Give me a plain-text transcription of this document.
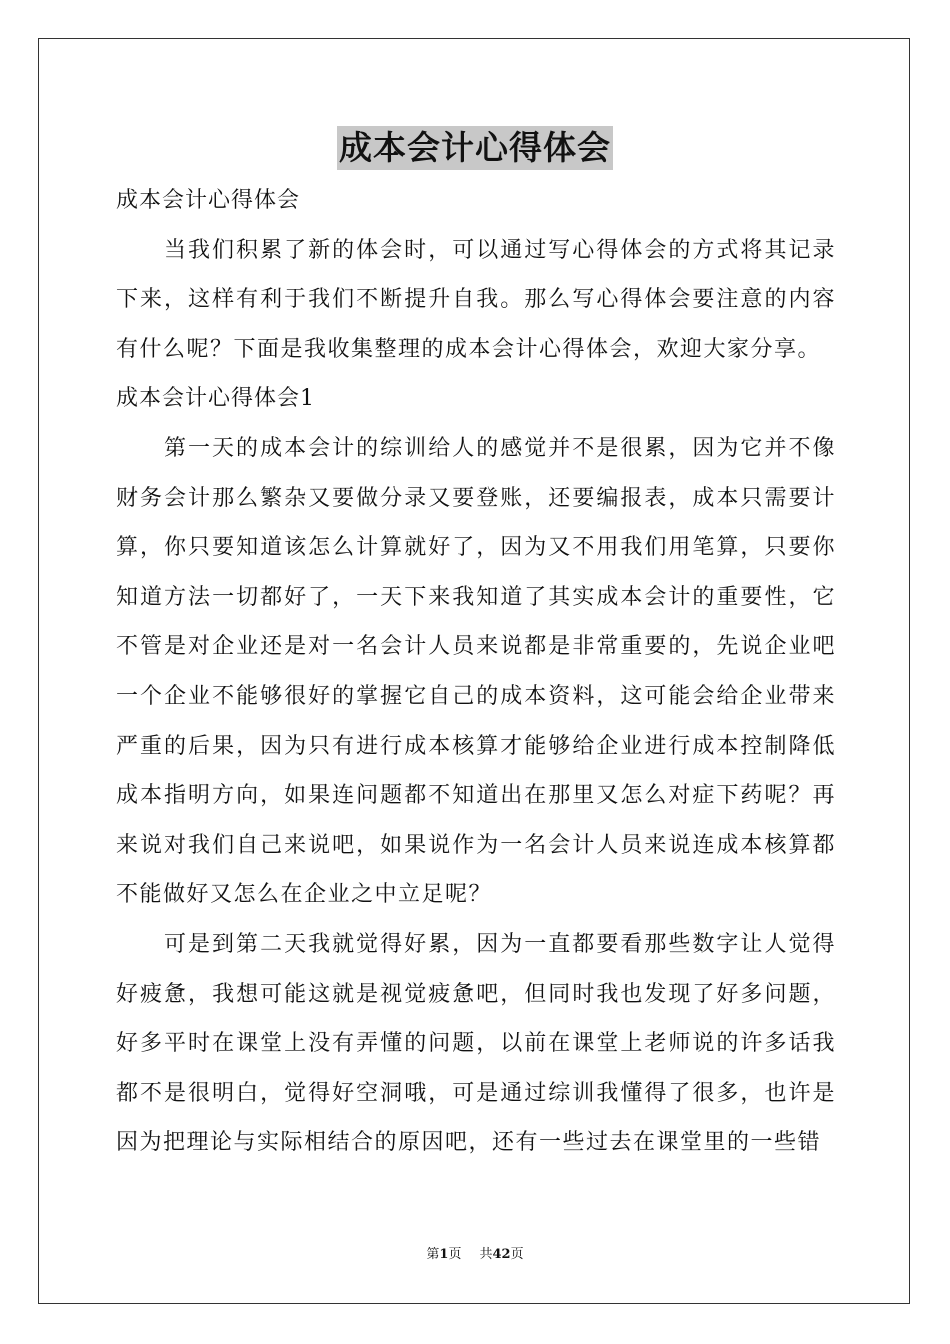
成本会计心得体会

成本会计心得体会

当我们积累了新的体会时，可以通过写心得体会的方式将其记录下来，这样有利于我们不断提升自我。那么写心得体会要注意的内容有什么呢？下面是我收集整理的成本会计心得体会，欢迎大家分享。

成本会计心得体会1

第一天的成本会计的综训给人的感觉并不是很累，因为它并不像财务会计那么繁杂又要做分录又要登账，还要编报表，成本只需要计算，你只要知道该怎么计算就好了，因为又不用我们用笔算，只要你知道方法一切都好了，一天下来我知道了其实成本会计的重要性，它不管是对企业还是对一名会计人员来说都是非常重要的，先说企业吧一个企业不能够很好的掌握它自己的成本资料，这可能会给企业带来严重的后果，因为只有进行成本核算才能够给企业进行成本控制降低成本指明方向，如果连问题都不知道出在那里又怎么对症下药呢？再来说对我们自己来说吧，如果说作为一名会计人员来说连成本核算都不能做好又怎么在企业之中立足呢？

可是到第二天我就觉得好累，因为一直都要看那些数字让人觉得好疲惫，我想可能这就是视觉疲惫吧，但同时我也发现了好多问题，好多平时在课堂上没有弄懂的问题，以前在课堂上老师说的许多话我都不是很明白，觉得好空洞哦，可是通过综训我懂得了很多，也许是因为把理论与实际相结合的原因吧，还有一些过去在课堂里的一些错

第1页 共42页
